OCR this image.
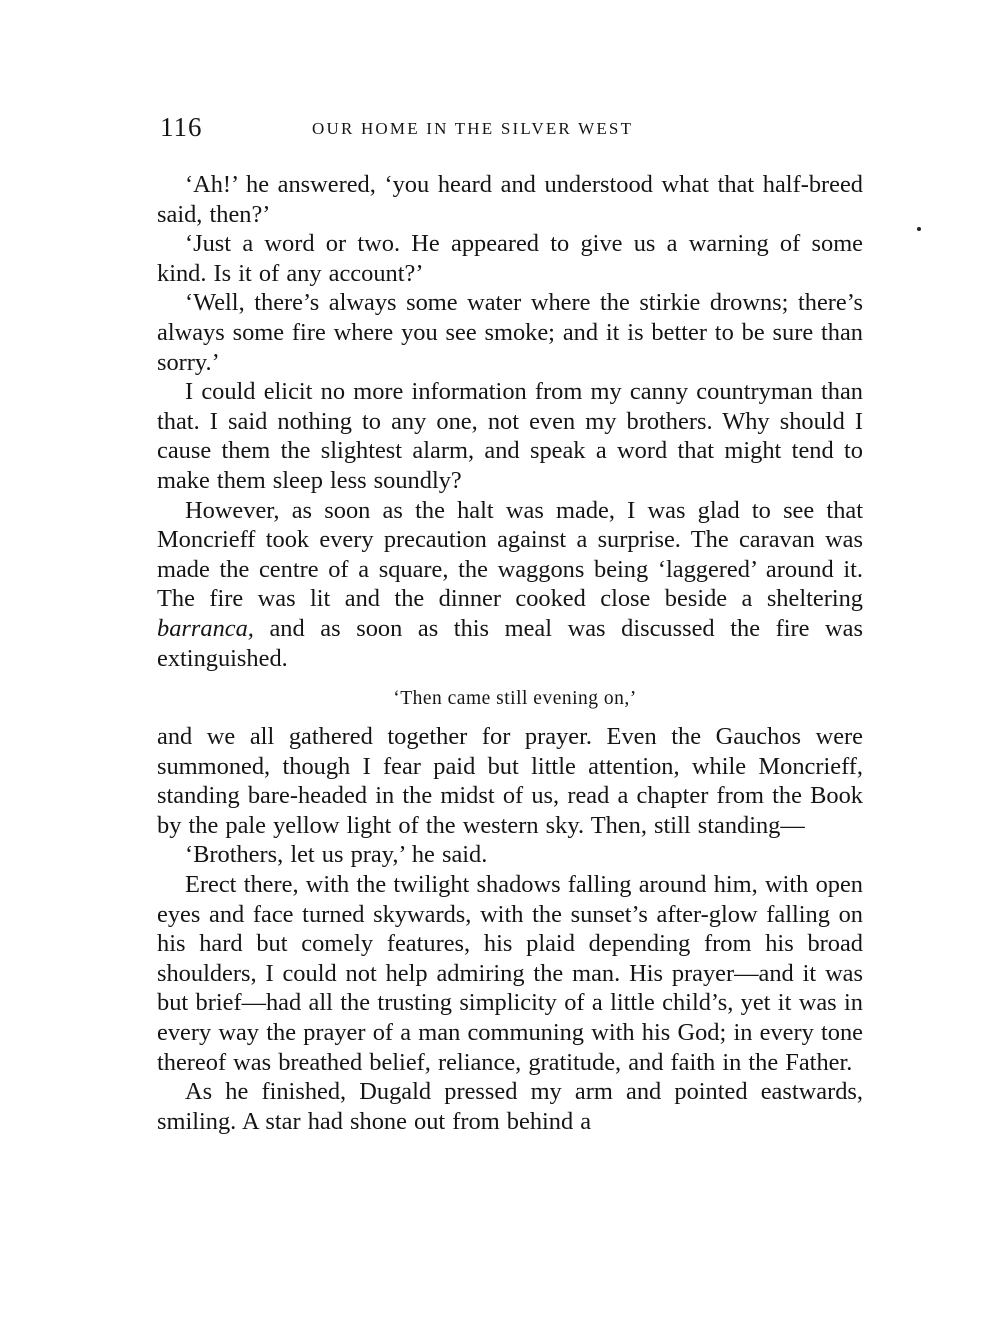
116	OUR HOME IN THE SILVER WEST

‘Ah!’ he answered, ‘you heard and understood what that half-breed said, then?’

‘Just a word or two. He appeared to give us a warning of some kind. Is it of any account?’

‘Well, there’s always some water where the stirkie drowns; there’s always some fire where you see smoke; and it is better to be sure than sorry.’

I could elicit no more information from my canny countryman than that. I said nothing to any one, not even my brothers. Why should I cause them the slightest alarm, and speak a word that might tend to make them sleep less soundly?

However, as soon as the halt was made, I was glad to see that Moncrieff took every precaution against a surprise. The caravan was made the centre of a square, the waggons being ‘laggered’ around it. The fire was lit and the dinner cooked close beside a sheltering barranca, and as soon as this meal was discussed the fire was extinguished.

‘Then came still evening on,’

and we all gathered together for prayer. Even the Gauchos were summoned, though I fear paid but little attention, while Moncrieff, standing bare-headed in the midst of us, read a chapter from the Book by the pale yellow light of the western sky. Then, still standing—

‘Brothers, let us pray,’ he said.

Erect there, with the twilight shadows falling around him, with open eyes and face turned skywards, with the sunset’s after-glow falling on his hard but comely features, his plaid depending from his broad shoulders, I could not help admiring the man. His prayer—and it was but brief—had all the trusting simplicity of a little child’s, yet it was in every way the prayer of a man communing with his God; in every tone thereof was breathed belief, reliance, gratitude, and faith in the Father.

As he finished, Dugald pressed my arm and pointed eastwards, smiling. A star had shone out from behind a
